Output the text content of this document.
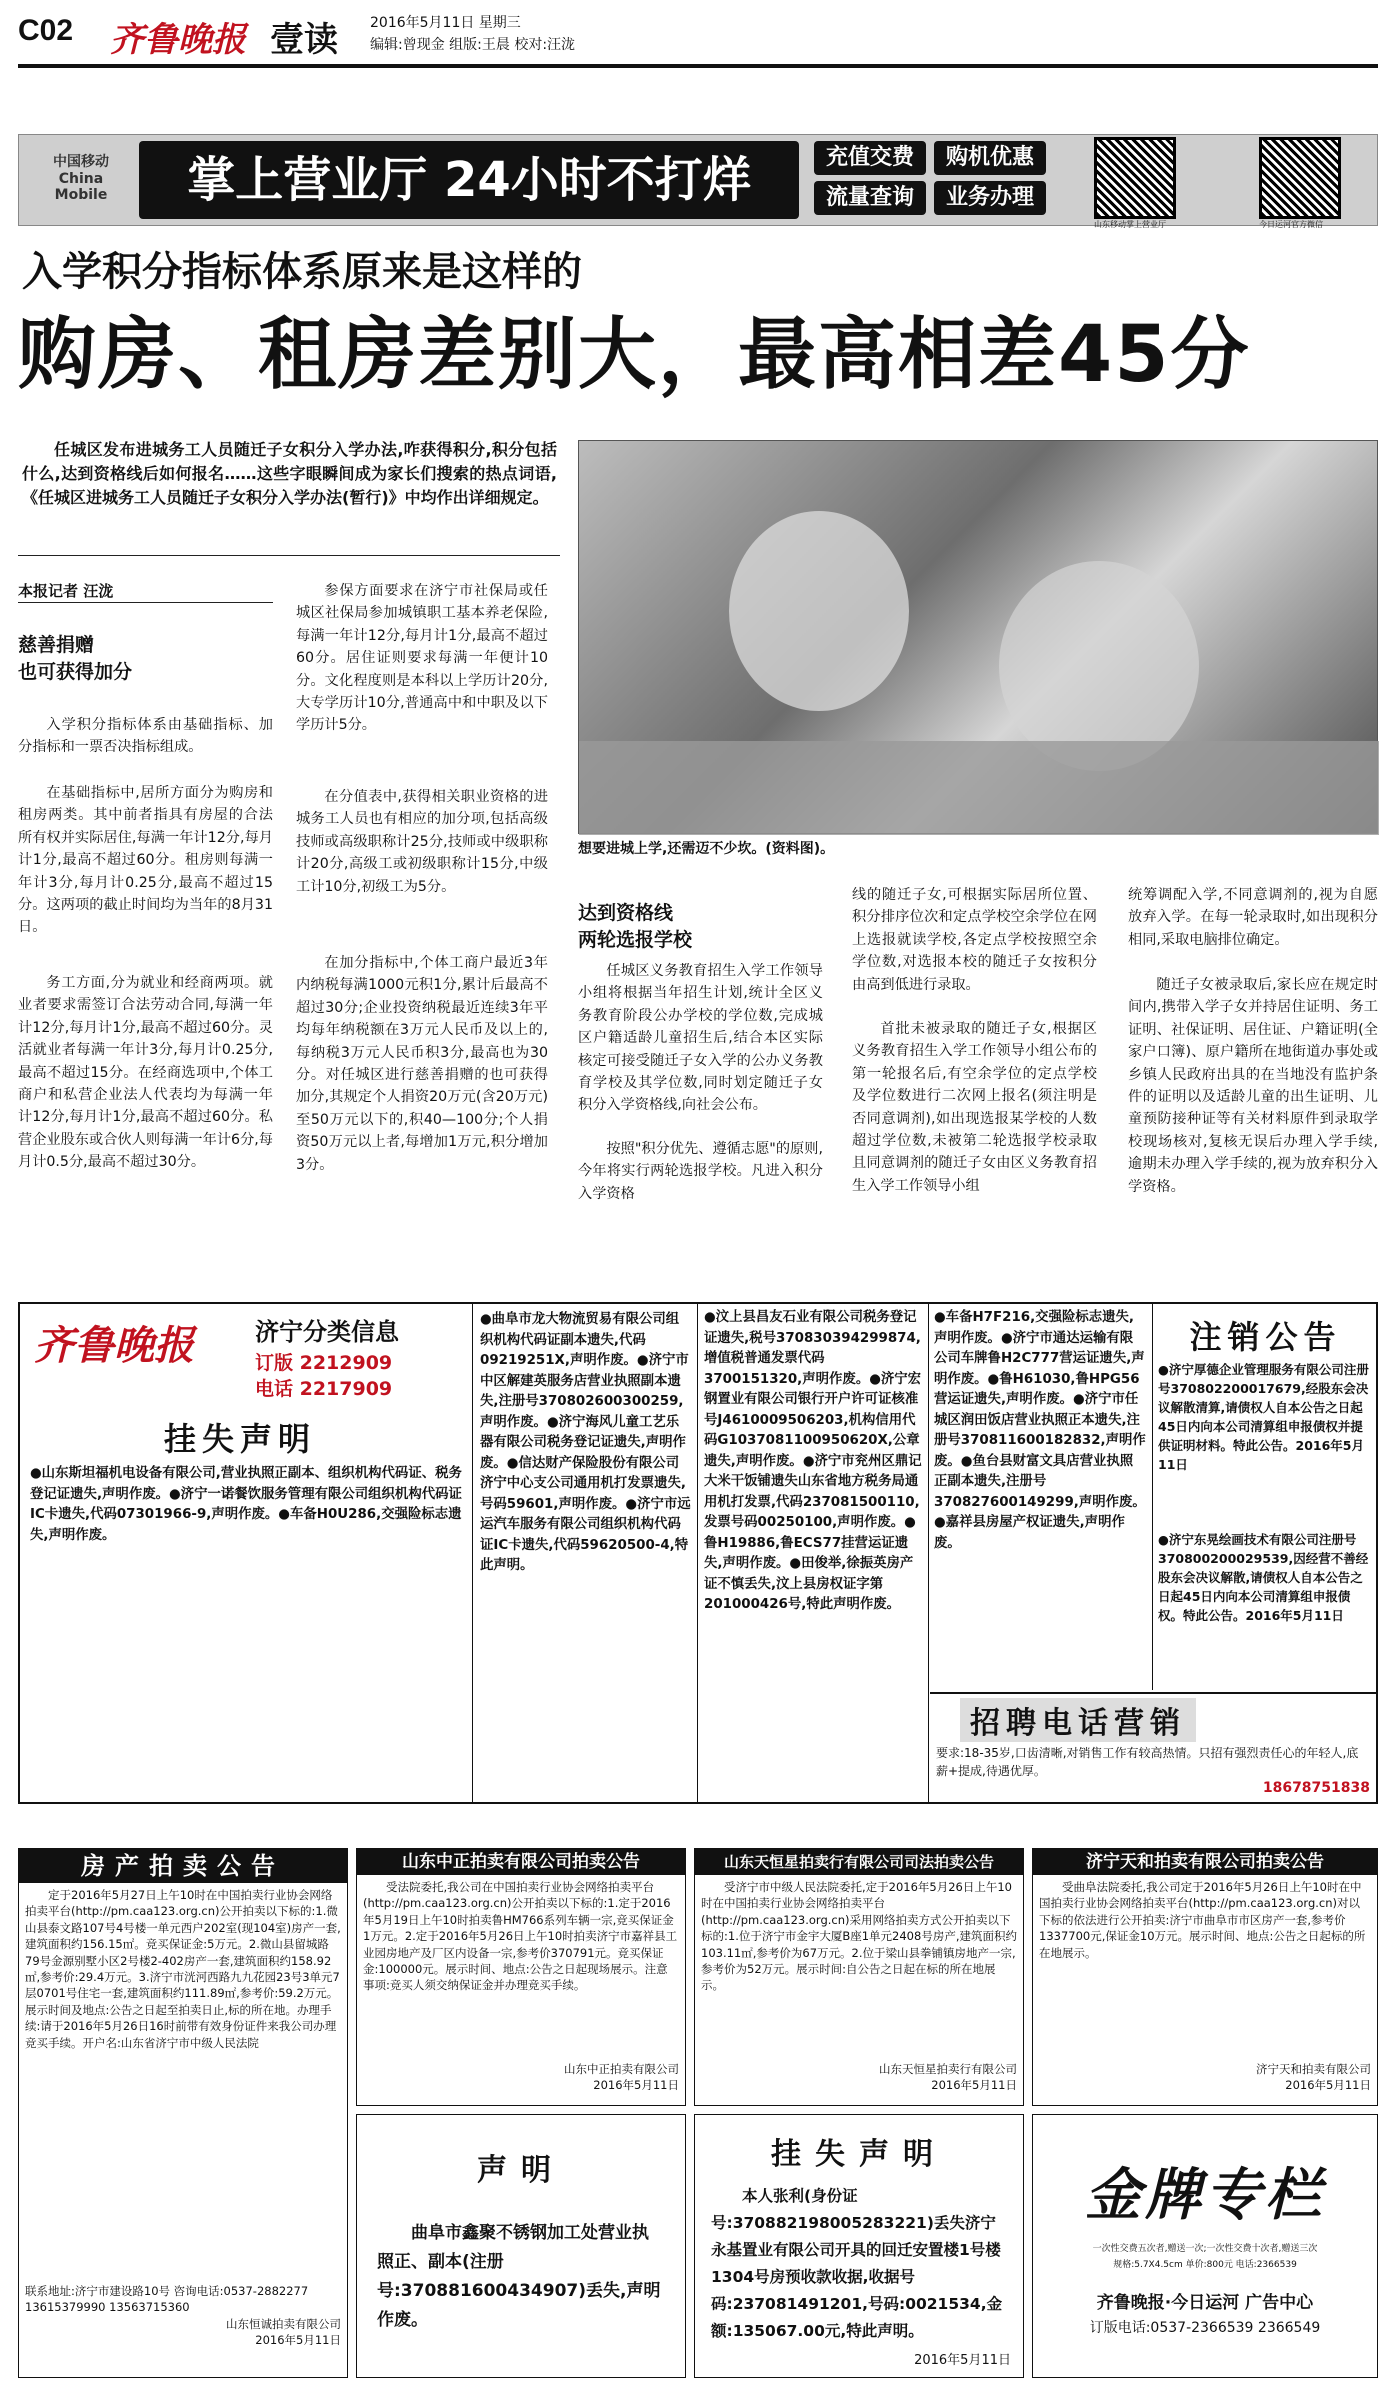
C02 齐鲁晚报 壹读 2016年5月11日 星期三
编辑:曾现金 组版:王晨 校对:汪泷
中国移动 China Mobile	掌上营业厅 24小时不打烊	充值交费	购机优惠
流量查询	业务办理
山东移动掌上营业厅	今日运河官方微信
入学积分指标体系原来是这样的
购房、租房差别大，最高相差45分
任城区发布进城务工人员随迁子女积分入学办法,咋获得积分,积分包括什么,达到资格线后如何报名……这些字眼瞬间成为家长们搜索的热点词语,《任城区进城务工人员随迁子女积分入学办法(暂行)》中均作出详细规定。
本报记者 汪泷
慈善捐赠
也可获得加分
入学积分指标体系由基础指标、加分指标和一票否决指标组成。
在基础指标中,居所方面分为购房和租房两类。其中前者指具有房屋的合法所有权并实际居住,每满一年计12分,每月计1分,最高不超过60分。租房则每满一年计3分,每月计0.25分,最高不超过15分。这两项的截止时间均为当年的8月31日。
务工方面,分为就业和经商两项。就业者要求需签订合法劳动合同,每满一年计12分,每月计1分,最高不超过60分。灵活就业者每满一年计3分,每月计0.25分,最高不超过15分。在经商选项中,个体工商户和私营企业法人代表均为每满一年计12分,每月计1分,最高不超过60分。私营企业股东或合伙人则每满一年计6分,每月计0.5分,最高不超过30分。
参保方面要求在济宁市社保局或任城区社保局参加城镇职工基本养老保险,每满一年计12分,每月计1分,最高不超过60分。居住证则要求每满一年便计10分。文化程度则是本科以上学历计20分,大专学历计10分,普通高中和中职及以下学历计5分。
在分值表中,获得相关职业资格的进城务工人员也有相应的加分项,包括高级技师或高级职称计25分,技师或中级职称计20分,高级工或初级职称计15分,中级工计10分,初级工为5分。
在加分指标中,个体工商户最近3年内纳税每满1000元积1分,累计后最高不超过30分;企业投资纳税最近连续3年平均每年纳税额在3万元人民币及以上的,每纳税3万元人民币积3分,最高也为30分。对任城区进行慈善捐赠的也可获得加分,其规定个人捐资20万元(含20万元)至50万元以下的,积40—100分;个人捐资50万元以上者,每增加1万元,积分增加3分。
想要进城上学,还需迈不少坎。(资料图)。
达到资格线
两轮选报学校
任城区义务教育招生入学工作领导小组将根据当年招生计划,统计全区义务教育阶段公办学校的学位数,完成城区户籍适龄儿童招生后,结合本区实际核定可接受随迁子女入学的公办义务教育学校及其学位数,同时划定随迁子女积分入学资格线,向社会公布。
按照"积分优先、遵循志愿"的原则,今年将实行两轮选报学校。凡进入积分入学资格
线的随迁子女,可根据实际居所位置、积分排序位次和定点学校空余学位在网上选报就读学校,各定点学校按照空余学位数,对选报本校的随迁子女按积分由高到低进行录取。
首批未被录取的随迁子女,根据区义务教育招生入学工作领导小组公布的第一轮报名后,有空余学位的定点学校及学位数进行二次网上报名(须注明是否同意调剂),如出现选报某学校的人数超过学位数,未被第二轮选报学校录取且同意调剂的随迁子女由区义务教育招生入学工作领导小组
统筹调配入学,不同意调剂的,视为自愿放弃入学。在每一轮录取时,如出现积分相同,采取电脑排位确定。
随迁子女被录取后,家长应在规定时间内,携带入学子女并持居住证明、务工证明、社保证明、居住证、户籍证明(全家户口簿)、原户籍所在地街道办事处或乡镇人民政府出具的在当地没有监护条件的证明以及适龄儿童的出生证明、儿童预防接种证等有关材料原件到录取学校现场核对,复核无误后办理入学手续,逾期未办理入学手续的,视为放弃积分入学资格。
齐鲁晚报	济宁分类信息
订版 2212909
电话 2217909
挂失声明
●山东斯坦福机电设备有限公司,营业执照正副本、组织机构代码证、税务登记证遗失,声明作废。●济宁一诺餐饮服务管理有限公司组织机构代码证IC卡遗失,代码07301966-9,声明作废。●车备H0U286,交强险标志遗失,声明作废。
●曲阜市龙大物流贸易有限公司组织机构代码证副本遗失,代码09219251X,声明作废。●济宁市中区解建英服务店营业执照副本遗失,注册号370802600300259,声明作废。●济宁海风儿童工艺乐器有限公司税务登记证遗失,声明作废。●信达财产保险股份有限公司济宁中心支公司通用机打发票遗失,号码59601,声明作废。●济宁市远运汽车服务有限公司组织机构代码证IC卡遗失,代码59620500-4,特此声明。
●汶上县昌友石业有限公司税务登记证遗失,税号370830394299874,增值税普通发票代码3700151320,声明作废。●济宁宏钢置业有限公司银行开户许可证核准号J4610009506203,机构信用代码G1037081100950620X,公章遗失,声明作废。●济宁市兖州区鼎记大米干饭铺遗失山东省地方税务局通用机打发票,代码237081500110,发票号码00250100,声明作废。●鲁H19886,鲁ECS77挂营运证遗失,声明作废。●田俊举,徐振英房产证不慎丢失,汶上县房权证字第201000426号,特此声明作废。
●车备H7F216,交强险标志遗失,声明作废。●济宁市通达运输有限公司车牌鲁H2C777营运证遗失,声明作废。●鲁H61030,鲁HPG56营运证遗失,声明作废。●济宁市任城区润田饭店营业执照正本遗失,注册号370811600182832,声明作废。●鱼台县财富文具店营业执照正副本遗失,注册号370827600149299,声明作废。●嘉祥县房屋产权证遗失,声明作废。
注销公告
●济宁厚德企业管理服务有限公司注册号370802200017679,经股东会决议解散清算,请债权人自本公告之日起45日内向本公司清算组申报债权并提供证明材料。特此公告。2016年5月11日
●济宁东晃绘画技术有限公司注册号370800200029539,因经营不善经股东会决议解散,请债权人自本公告之日起45日内向本公司清算组申报债权。特此公告。2016年5月11日
招聘电话营销
要求:18-35岁,口齿清晰,对销售工作有较高热情。只招有强烈责任心的年轻人,底薪+提成,待遇优厚。
18678751838
房产拍卖公告
定于2016年5月27日上午10时在中国拍卖行业协会网络拍卖平台(http://pm.caa123.org.cn)公开拍卖以下标的:1.微山县泰文路107号4号楼一单元西户202室(现104室)房产一套,建筑面积约156.15㎡。竞买保证金:5万元。2.微山县留城路79号金源别墅小区2号楼2-402房产一套,建筑面积约158.92㎡,参考价:29.4万元。3.济宁市洸河西路九九花园23号3单元7层0701号住宅一套,建筑面积约111.89㎡,参考价:59.2万元。展示时间及地点:公告之日起至拍卖日止,标的所在地。办理手续:请于2016年5月26日16时前带有效身份证件来我公司办理竞买手续。开户名:山东省济宁市中级人民法院
联系地址:济宁市建设路10号 咨询电话:0537-2882277 13615379990 13563715360
山东恒诚拍卖有限公司
2016年5月11日
山东中正拍卖有限公司拍卖公告
受法院委托,我公司在中国拍卖行业协会网络拍卖平台(http://pm.caa123.org.cn)公开拍卖以下标的:1.定于2016年5月19日上午10时拍卖鲁HM766系列车辆一宗,竞买保证金1万元。2.定于2016年5月26日上午10时拍卖济宁市嘉祥县工业园房地产及厂区内设备一宗,参考价370791元。竞买保证金:100000元。展示时间、地点:公告之日起现场展示。注意事项:竞买人须交纳保证金并办理竞买手续。
山东中正拍卖有限公司
2016年5月11日
山东天恒星拍卖行有限公司司法拍卖公告
受济宁市中级人民法院委托,定于2016年5月26日上午10时在中国拍卖行业协会网络拍卖平台(http://pm.caa123.org.cn)采用网络拍卖方式公开拍卖以下标的:1.位于济宁市金宇大厦B座1单元2408号房产,建筑面积约103.11㎡,参考价为67万元。2.位于梁山县拳铺镇房地产一宗,参考价为52万元。展示时间:自公告之日起在标的所在地展示。
山东天恒星拍卖行有限公司
2016年5月11日
济宁天和拍卖有限公司拍卖公告
受曲阜法院委托,我公司定于2016年5月26日上午10时在中国拍卖行业协会网络拍卖平台(http://pm.caa123.org.cn)对以下标的依法进行公开拍卖:济宁市曲阜市市区房产一套,参考价1337700元,保证金10万元。展示时间、地点:公告之日起标的所在地展示。
济宁天和拍卖有限公司
2016年5月11日
声明
曲阜市鑫聚不锈钢加工处营业执照正、副本(注册号:370881600434907)丢失,声明作废。
挂失声明
本人张利(身份证号:370882198005283221)丢失济宁永基置业有限公司开具的回迁安置楼1号楼1304号房预收款收据,收据号码:237081491201,号码:0021534,金额:135067.00元,特此声明。
2016年5月11日
金牌专栏
一次性交费五次者,赠送一次;一次性交费十次者,赠送三次
规格:5.7X4.5cm 单价:800元 电话:2366539
齐鲁晚报·今日运河 广告中心
订版电话:0537-2366539 2366549
